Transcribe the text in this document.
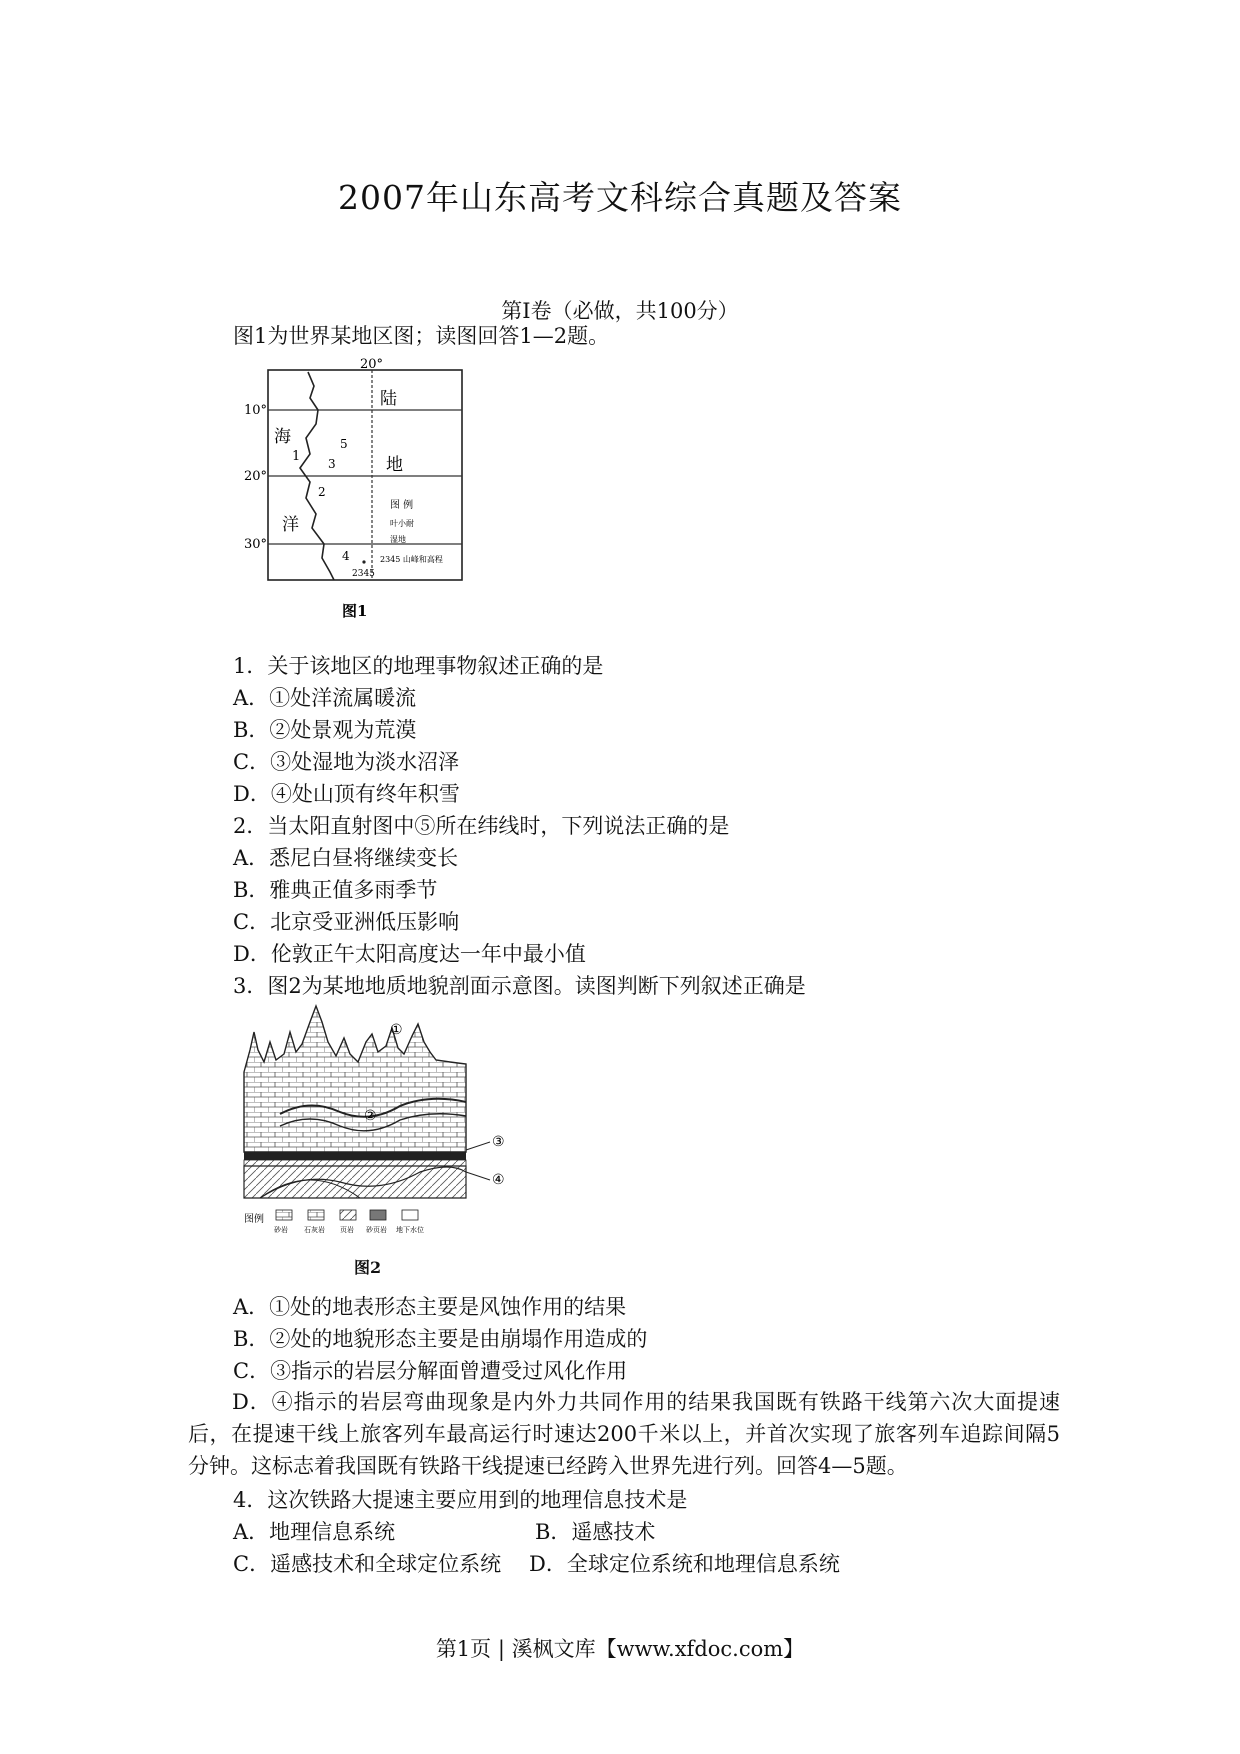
2007年山东高考文科综合真题及答案
第Ⅰ卷（必做，共100分）
图1为世界某地区图；读图回答1—2题。
20°
10°
20°
30°
陆
海
地
洋
1
2
3
4
5
图 例
叶小耐
湿地
2345 山峰和高程
2345
图1
1．关于该地区的地理事物叙述正确的是
A．①处洋流属暖流
B．②处景观为荒漠
C．③处湿地为淡水沼泽
D．④处山顶有终年积雪
2．当太阳直射图中⑤所在纬线时，下列说法正确的是
A．悉尼白昼将继续变长
B．雅典正值多雨季节
C．北京受亚洲低压影响
D．伦敦正午太阳高度达一年中最小值
3．图2为某地地质地貌剖面示意图。读图判断下列叙述正确是
①
②
③
④
图例
砂岩 石灰岩 页岩 砂页岩 地下水位
图2
A．①处的地表形态主要是风蚀作用的结果
B．②处的地貌形态主要是由崩塌作用造成的
C．③指示的岩层分解面曾遭受过风化作用
D．④指示的岩层弯曲现象是内外力共同作用的结果我国既有铁路干线第六次大面提速后，在提速干线上旅客列车最高运行时速达200千米以上，并首次实现了旅客列车追踪间隔5分钟。这标志着我国既有铁路干线提速已经跨入世界先进行列。回答4—5题。
4．这次铁路大提速主要应用到的地理信息技术是
A．地理信息系统	B．遥感技术
C．遥感技术和全球定位系统 D．全球定位系统和地理信息系统
第1页 | 溪枫文库【www.xfdoc.com】
